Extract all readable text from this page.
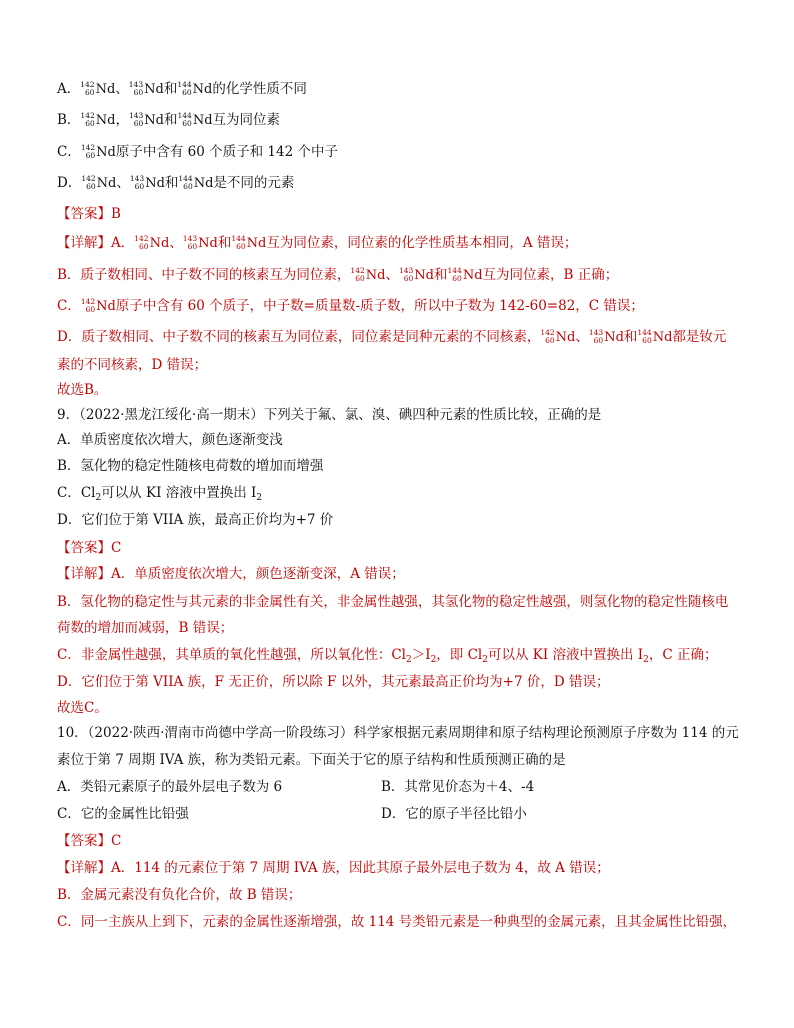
A． 142
60 Nd、 143
60 Nd和 144
60 Nd的化学性质不同
B． 142
60 Nd， 143
60 Nd和 144
60 Nd互为同位素
C． 142
60 Nd原子中含有 60 个质子和 142 个中子
D． 142
60 Nd、 143
60 Nd和 144
60 Nd是不同的元素
【答案】B
【详解】A． 142
60 Nd、 143
60 Nd和 144
60 Nd互为同位素，同位素的化学性质基本相同，A 错误；
B．质子数相同、中子数不同的核素互为同位素， 142
60 Nd、 143
60 Nd和 144
60 Nd互为同位素，B 正确；
C． 142
60 Nd原子中含有 60 个质子，中子数=质量数-质子数，所以中子数为 142-60=82，C 错误；
D．质子数相同、中子数不同的核素互为同位素，同位素是同种元素的不同核素， 142
60 Nd、 143
60 Nd和 144
60 Nd都是钕元
素的不同核素，D 错误；
故选B。
9．（2022·黑龙江绥化·高一期末）下列关于氟、氯、溴、碘四种元素的性质比较，正确的是
A．单质密度依次增大，颜色逐渐变浅
B．氢化物的稳定性随核电荷数的增加而增强
C．$Cl_2$可以从 KI 溶液中置换出 $I_2$
D．它们位于第 VIIA 族，最高正价均为+7 价
【答案】C
【详解】A．单质密度依次增大，颜色逐渐变深，A 错误；
B．氢化物的稳定性与其元素的非金属性有关，非金属性越强，其氢化物的稳定性越强，则氢化物的稳定性随核电
荷数的增加而减弱，B 错误；
C．非金属性越强，其单质的氧化性越强，所以氧化性：$Cl_2>I_2$，即 $Cl_2$可以从 KI 溶液中置换出 $I_2$，C 正确；
D．它们位于第 VIIA 族，F 无正价，所以除 F 以外，其元素最高正价均为+7 价，D 错误；
故选C。
10．（2022·陕西·渭南市尚德中学高一阶段练习）科学家根据元素周期律和原子结构理论预测原子序数为 114 的元
素位于第 7 周期 IVA 族，称为类铅元素。下面关于它的原子结构和性质预测正确的是
A．类铅元素原子的最外层电子数为 6	B．其常见价态为＋4、-4
C．它的金属性比铅强	D．它的原子半径比铅小
【答案】C
【详解】A．114 的元素位于第 7 周期 IVA 族，因此其原子最外层电子数为 4，故 A 错误；
B．金属元素没有负化合价，故 B 错误；
C．同一主族从上到下，元素的金属性逐渐增强，故 114 号类铅元素是一种典型的金属元素，且其金属性比铅强，
